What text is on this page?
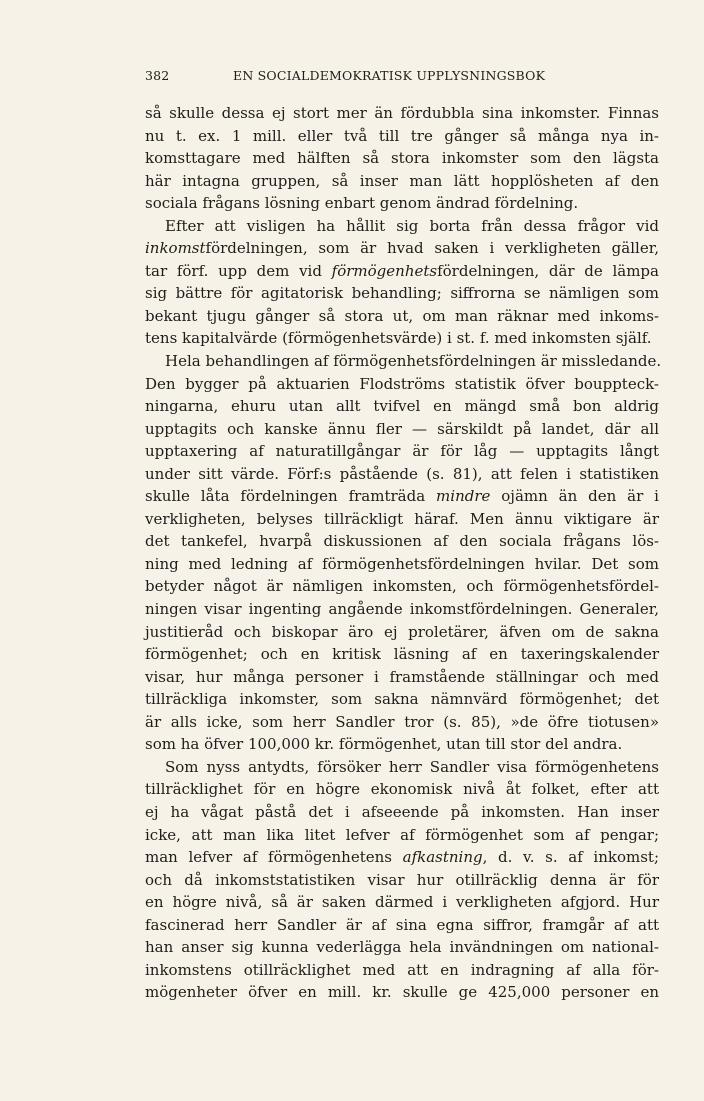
382	EN SOCIALDEMOKRATISK UPPLYSNINGSBOK

så skulle dessa ej stort mer än fördubbla sina inkomster. Finnas
nu t. ex. 1 mill. eller två till tre gånger så många nya in-
komsttagare med hälften så stora inkomster som den lägsta
här intagna gruppen, så inser man lätt hopplösheten af den
sociala frågans lösning enbart genom ändrad fördelning.

Efter att visligen ha hållit sig borta från dessa frågor vid
inkomstfördelningen, som är hvad saken i verkligheten gäller,
tar förf. upp dem vid förmögenhetsfördelningen, där de lämpa
sig bättre för agitatorisk behandling; siffrorna se nämligen som
bekant tjugu gånger så stora ut, om man räknar med inkoms-
tens kapitalvärde (förmögenhetsvärde) i st. f. med inkomsten själf.

Hela behandlingen af förmögenhetsfördelningen är missledande.
Den bygger på aktuarien Flodströms statistik öfver bouppteck-
ningarna, ehuru utan allt tvifvel en mängd små bon aldrig
upptagits och kanske ännu fler — särskildt på landet, där all
upptaxering af naturatillgångar är för låg — upptagits långt
under sitt värde. Förf:s påstående (s. 81), att felen i statistiken
skulle låta fördelningen framträda mindre ojämn än den är i
verkligheten, belyses tillräckligt häraf. Men ännu viktigare är
det tankefel, hvarpå diskussionen af den sociala frågans lös-
ning med ledning af förmögenhetsfördelningen hvilar. Det som
betyder något är nämligen inkomsten, och förmögenhetsfördel-
ningen visar ingenting angående inkomstfördelningen. Generaler,
justitieråd och biskopar äro ej proletärer, äfven om de sakna
förmögenhet; och en kritisk läsning af en taxeringskalender
visar, hur många personer i framstående ställningar och med
tillräckliga inkomster, som sakna nämnvärd förmögenhet; det
är alls icke, som herr Sandler tror (s. 85), »de öfre tiotusen»
som ha öfver 100,000 kr. förmögenhet, utan till stor del andra.

Som nyss antydts, försöker herr Sandler visa förmögenhetens
tillräcklighet för en högre ekonomisk nivå åt folket, efter att
ej ha vågat påstå det i afseeende på inkomsten. Han inser
icke, att man lika litet lefver af förmögenhet som af pengar;
man lefver af förmögenhetens afkastning, d. v. s. af inkomst;
och då inkomststatistiken visar hur otillräcklig denna är för
en högre nivå, så är saken därmed i verkligheten afgjord. Hur
fascinerad herr Sandler är af sina egna siffror, framgår af att
han anser sig kunna vederlägga hela invändningen om national-
inkomstens otillräcklighet med att en indragning af alla för-
mögenheter öfver en mill. kr. skulle ge 425,000 personer en
